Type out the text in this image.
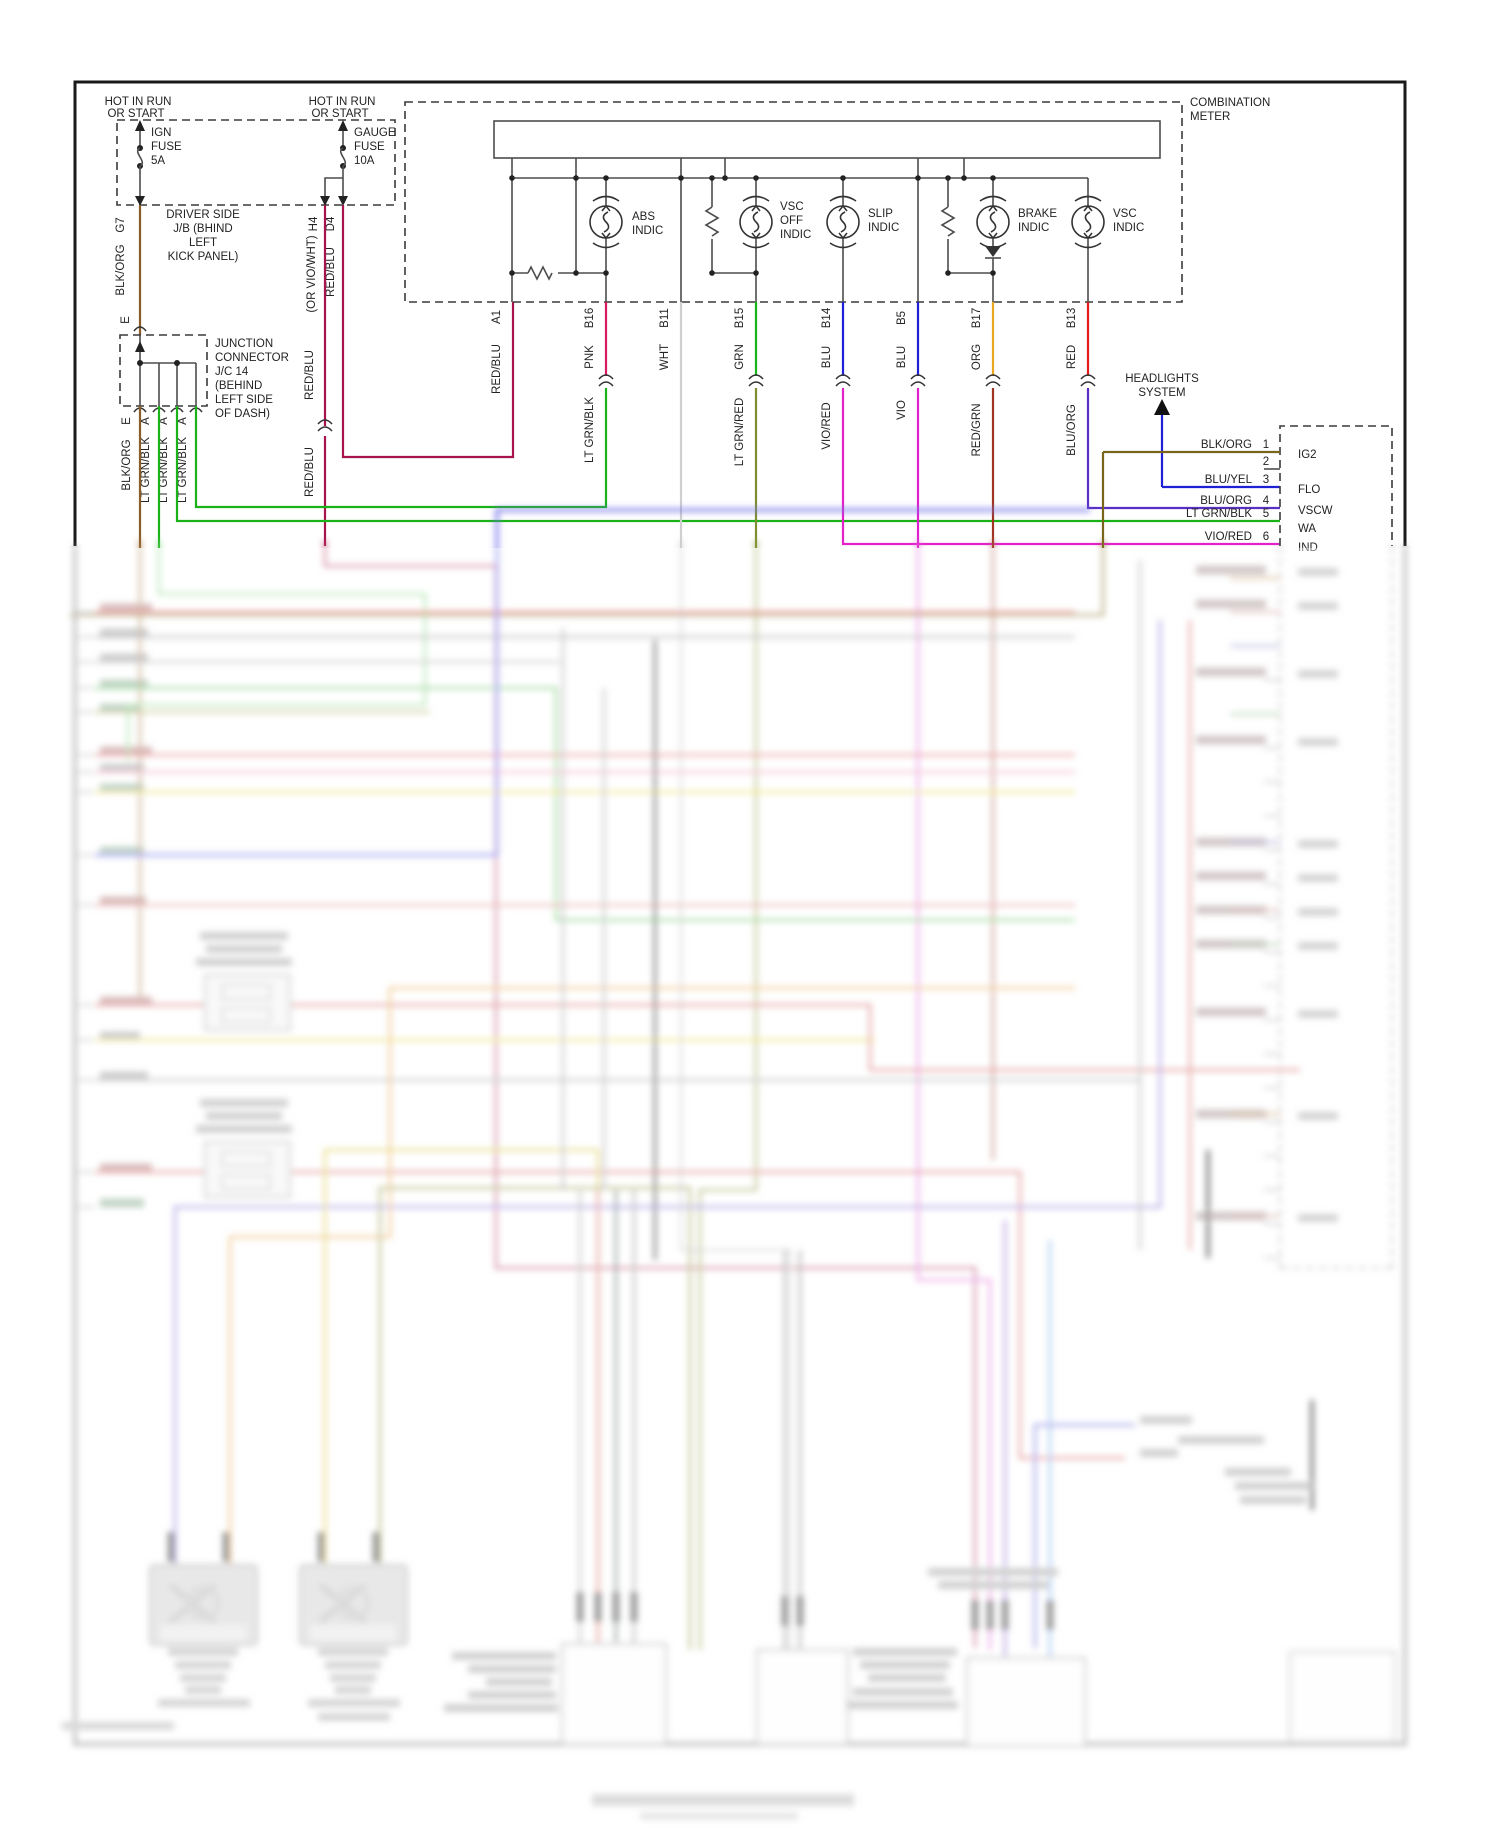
HOT IN RUN
OR START
HOT IN RUN
OR START
IGN
FUSE
5A
GAUGE
FUSE
10A
G7
BLK/ORG
H4 D4
(OR VIO/WHT) RED/BLU
DRIVER SIDE
J/B (BHIND
LEFT
KICK PANEL)
RED/BLU
RED/BLU
E
JUNCTION
CONNECTOR
J/C 14
(BEHIND
LEFT SIDE
OF DASH)
E A A A
BLK/ORG LT GRN/BLK LT GRN/BLK LT GRN/BLK
COMBINATION
METER
ABS
INDIC
VSC
OFF
INDIC
SLIP
INDIC
BRAKE
INDIC
VSC
INDIC
A1
RED/BLU
B16
PNK
LT GRN/BLK
B11
WHT
B15
GRN
LT GRN/RED
B14
BLU
VIO/RED
B5
BLU
VIO
B17
ORG
RED/GRN
B13
RED
BLU/ORG
HEADLIGHTS
SYSTEM
BLK/ORG 1
IG2
2
BLU/YEL 3
FLO
BLU/ORG 4
VSCW
LT GRN/BLK 5
WA
VIO/RED 6
IND
